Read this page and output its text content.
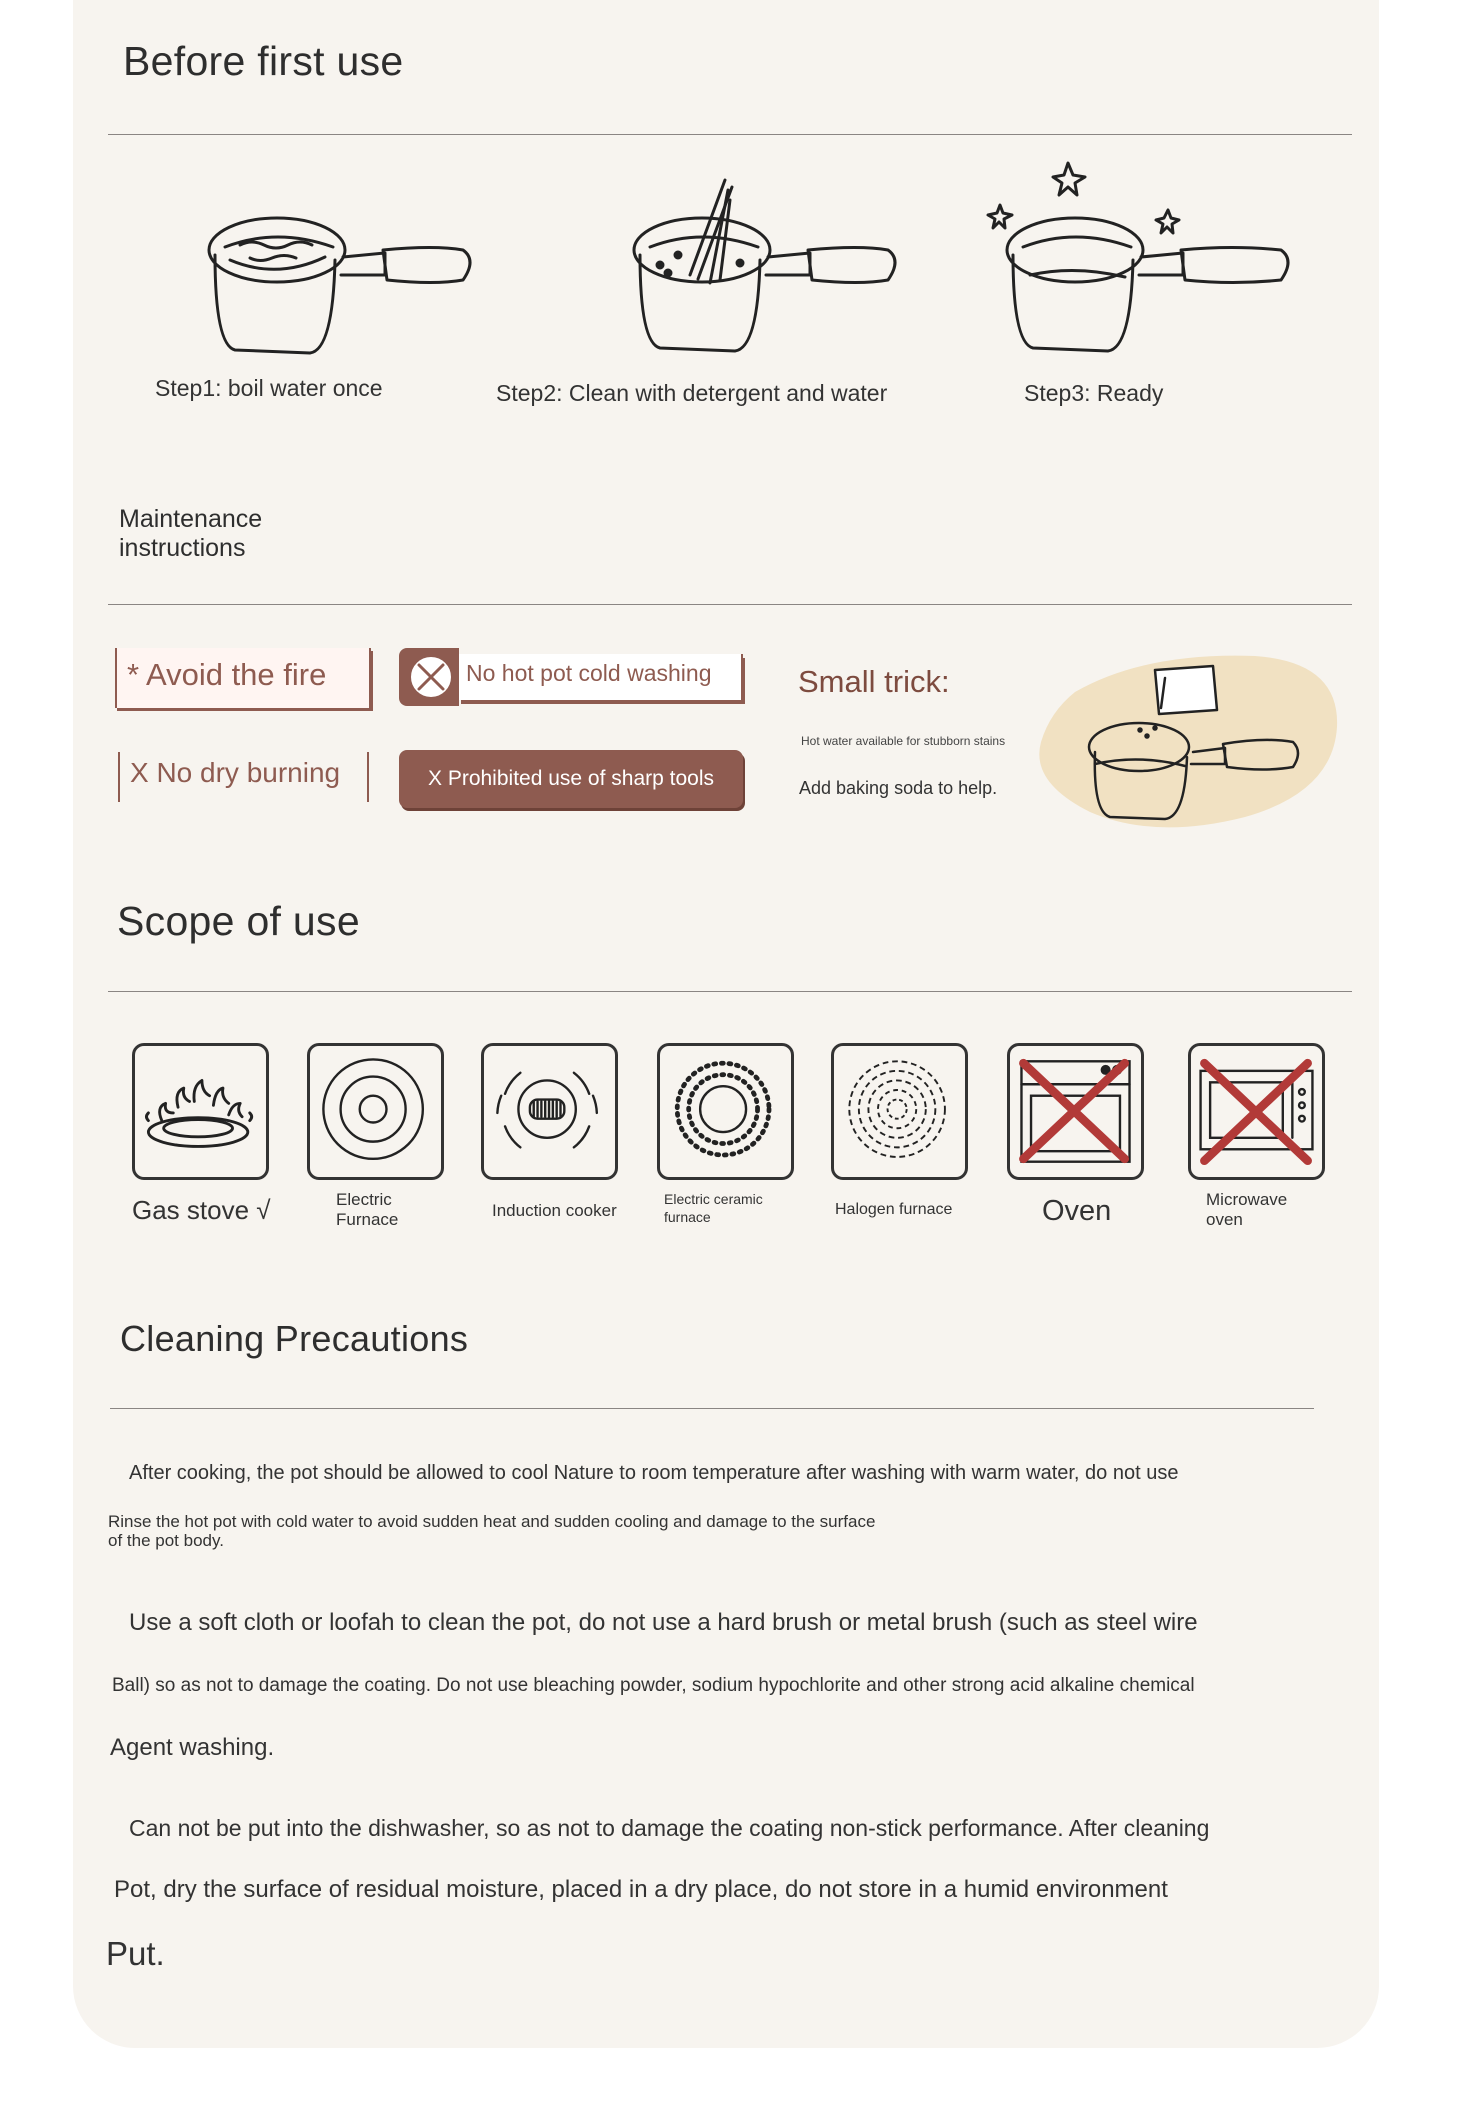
Before first use
Step1: boil water once	Step2: Clean with detergent and water	Step3: Ready
Maintenance
instructions
* Avoid the fire	No hot pot cold washing
X No dry burning	X Prohibited use of sharp tools
Small trick:
Hot water available for stubborn stains
Add baking soda to help.
Scope of use
Gas stove √	Electric Furnace	Induction cooker
Electric ceramic furnace	Halogen furnace	Oven	Microwave oven
Cleaning Precautions
After cooking, the pot should be allowed to cool Nature to room temperature after washing with warm water, do not use
Rinse the hot pot with cold water to avoid sudden heat and sudden cooling and damage to the surface
of the pot body.
Use a soft cloth or loofah to clean the pot, do not use a hard brush or metal brush (such as steel wire
Ball) so as not to damage the coating. Do not use bleaching powder, sodium hypochlorite and other strong acid alkaline chemical
Agent washing.
Can not be put into the dishwasher, so as not to damage the coating non-stick performance. After cleaning
Pot, dry the surface of residual moisture, placed in a dry place, do not store in a humid environment
Put.
